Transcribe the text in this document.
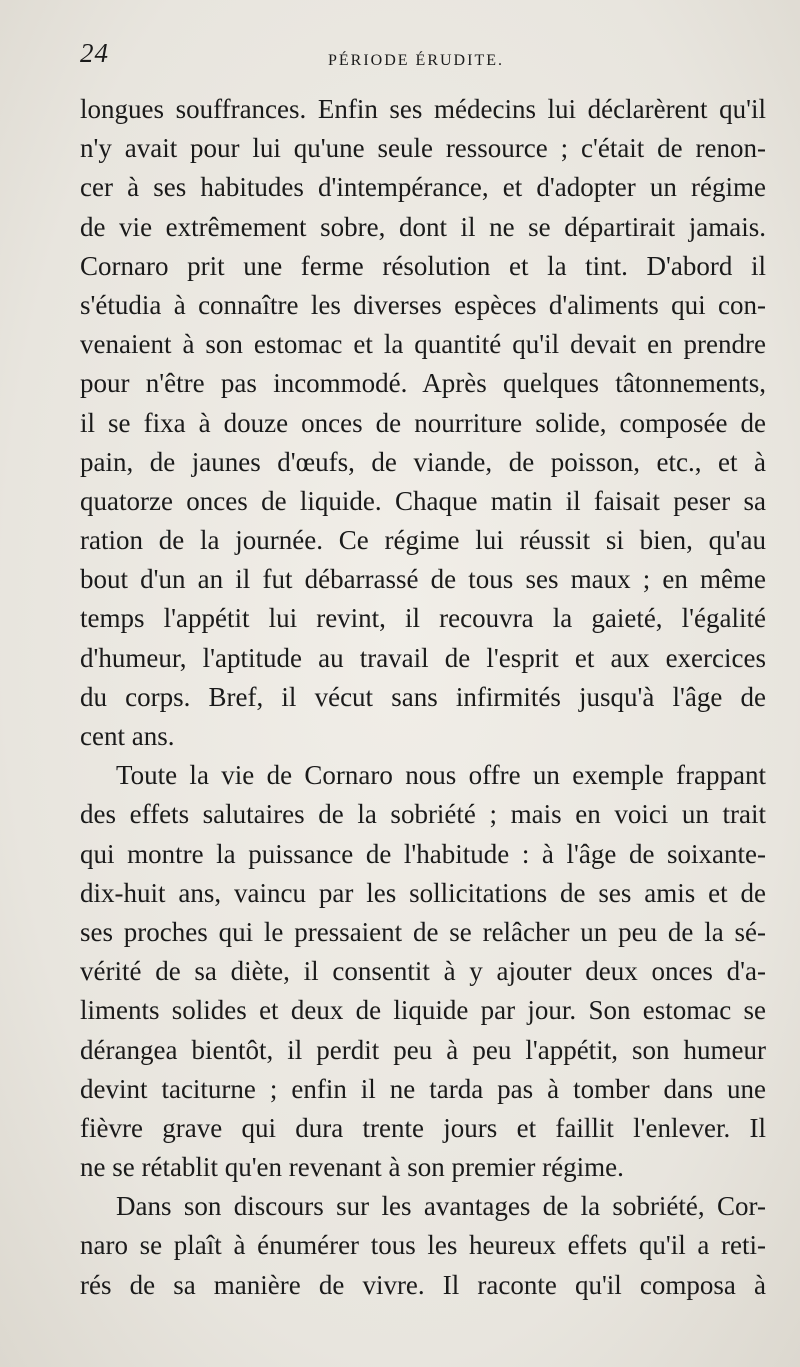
24	PÉRIODE ÉRUDITE.
longues souffrances. Enfin ses médecins lui déclarèrent qu'il
n'y avait pour lui qu'une seule ressource ; c'était de renon-
cer à ses habitudes d'intempérance, et d'adopter un régime
de vie extrêmement sobre, dont il ne se départirait jamais.
Cornaro prit une ferme résolution et la tint. D'abord il
s'étudia à connaître les diverses espèces d'aliments qui con-
venaient à son estomac et la quantité qu'il devait en prendre
pour n'être pas incommodé. Après quelques tâtonnements,
il se fixa à douze onces de nourriture solide, composée de
pain, de jaunes d'œufs, de viande, de poisson, etc., et à
quatorze onces de liquide. Chaque matin il faisait peser sa
ration de la journée. Ce régime lui réussit si bien, qu'au
bout d'un an il fut débarrassé de tous ses maux ; en même
temps l'appétit lui revint, il recouvra la gaieté, l'égalité
d'humeur, l'aptitude au travail de l'esprit et aux exercices
du corps. Bref, il vécut sans infirmités jusqu'à l'âge de
cent ans.
Toute la vie de Cornaro nous offre un exemple frappant
des effets salutaires de la sobriété ; mais en voici un trait
qui montre la puissance de l'habitude : à l'âge de soixante-
dix-huit ans, vaincu par les sollicitations de ses amis et de
ses proches qui le pressaient de se relâcher un peu de la sé-
vérité de sa diète, il consentit à y ajouter deux onces d'a-
liments solides et deux de liquide par jour. Son estomac se
dérangea bientôt, il perdit peu à peu l'appétit, son humeur
devint taciturne ; enfin il ne tarda pas à tomber dans une
fièvre grave qui dura trente jours et faillit l'enlever. Il
ne se rétablit qu'en revenant à son premier régime.
Dans son discours sur les avantages de la sobriété, Cor-
naro se plaît à énumérer tous les heureux effets qu'il a reti-
rés de sa manière de vivre. Il raconte qu'il composa à
